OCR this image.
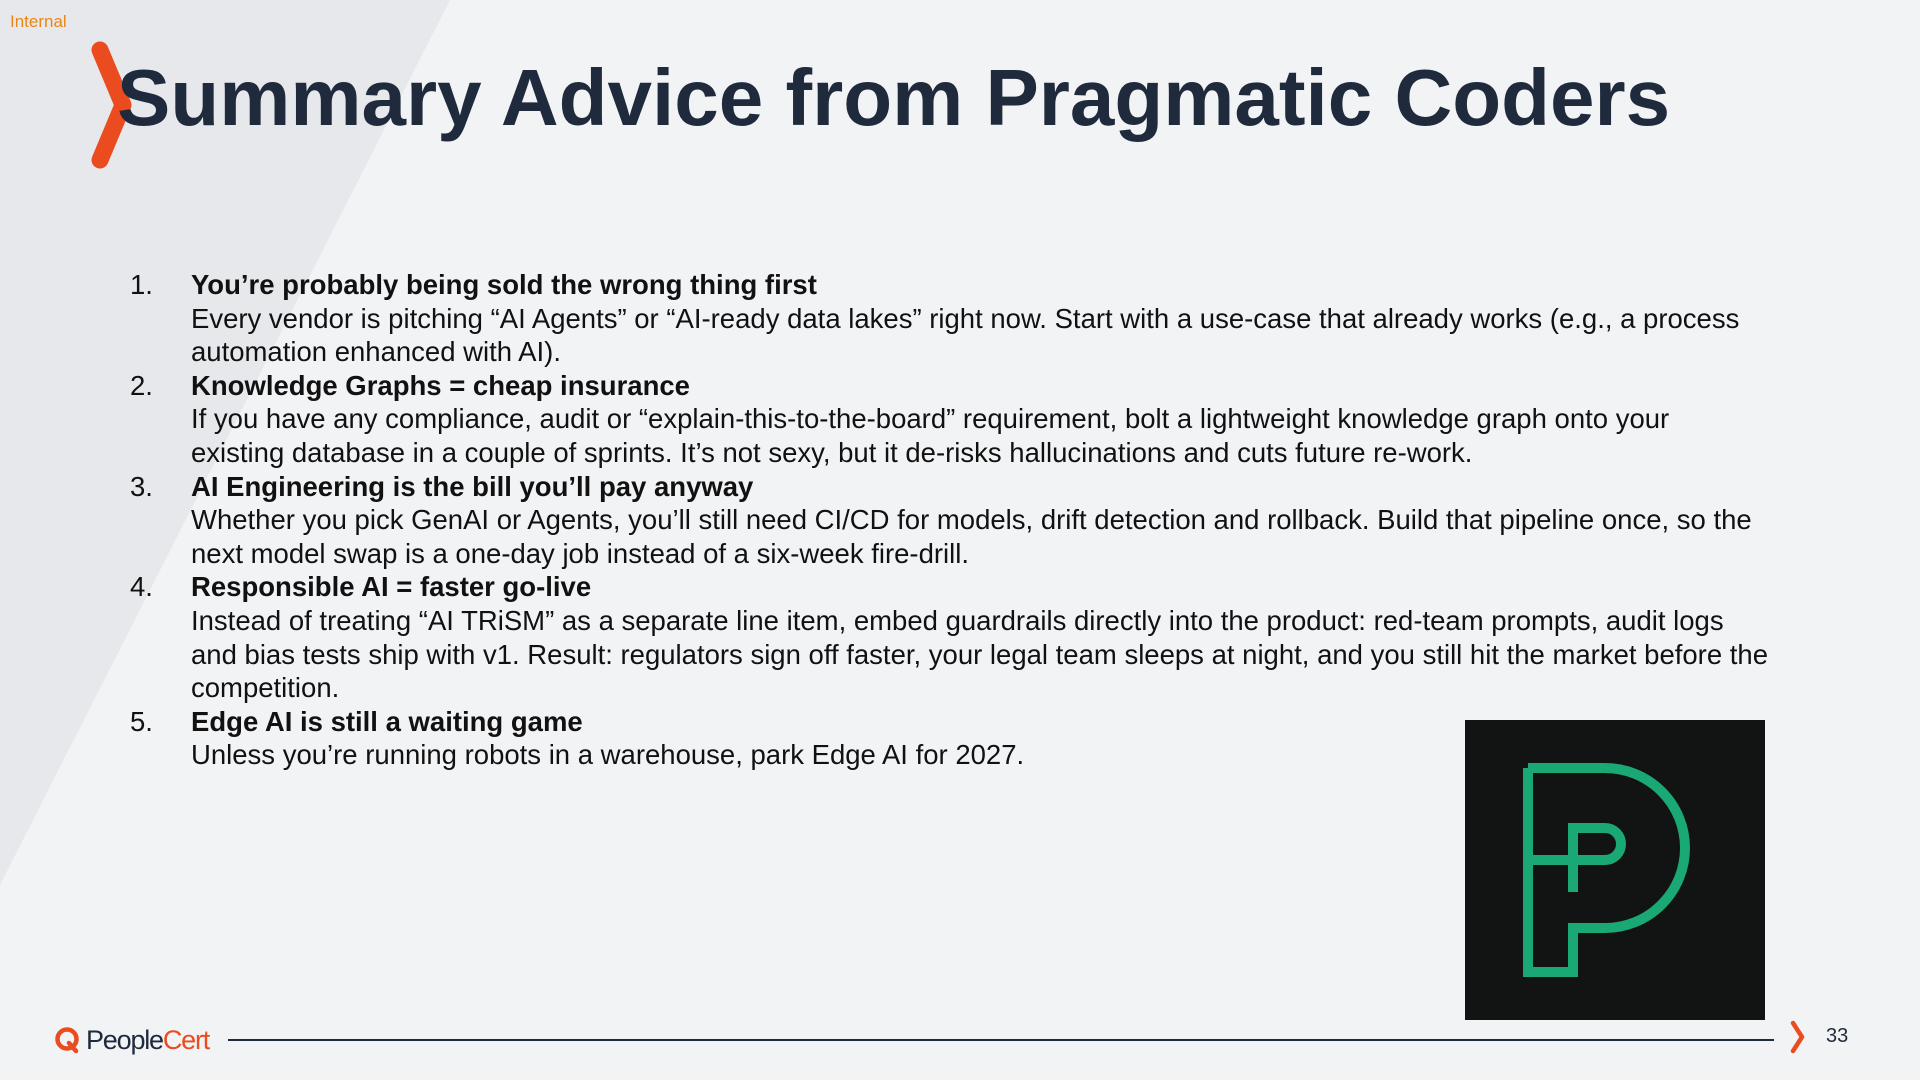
Internal
Summary Advice from Pragmatic Coders
1. You’re probably being sold the wrong thing first
Every vendor is pitching “AI Agents” or “AI-ready data lakes” right now. Start with a use-case that already works (e.g., a process automation enhanced with AI).
2. Knowledge Graphs = cheap insurance
If you have any compliance, audit or “explain-this-to-the-board” requirement, bolt a lightweight knowledge graph onto your existing database in a couple of sprints. It’s not sexy, but it de-risks hallucinations and cuts future re-work.
3. AI Engineering is the bill you’ll pay anyway
Whether you pick GenAI or Agents, you’ll still need CI/CD for models, drift detection and rollback. Build that pipeline once, so the next model swap is a one-day job instead of a six-week fire-drill.
4. Responsible AI = faster go-live
Instead of treating “AI TRiSM” as a separate line item, embed guardrails directly into the product: red-team prompts, audit logs and bias tests ship with v1. Result: regulators sign off faster, your legal team sleeps at night, and you still hit the market before the competition.
5. Edge AI is still a waiting game
Unless you’re running robots in a warehouse, park Edge AI for 2027.
PeopleCert	33
